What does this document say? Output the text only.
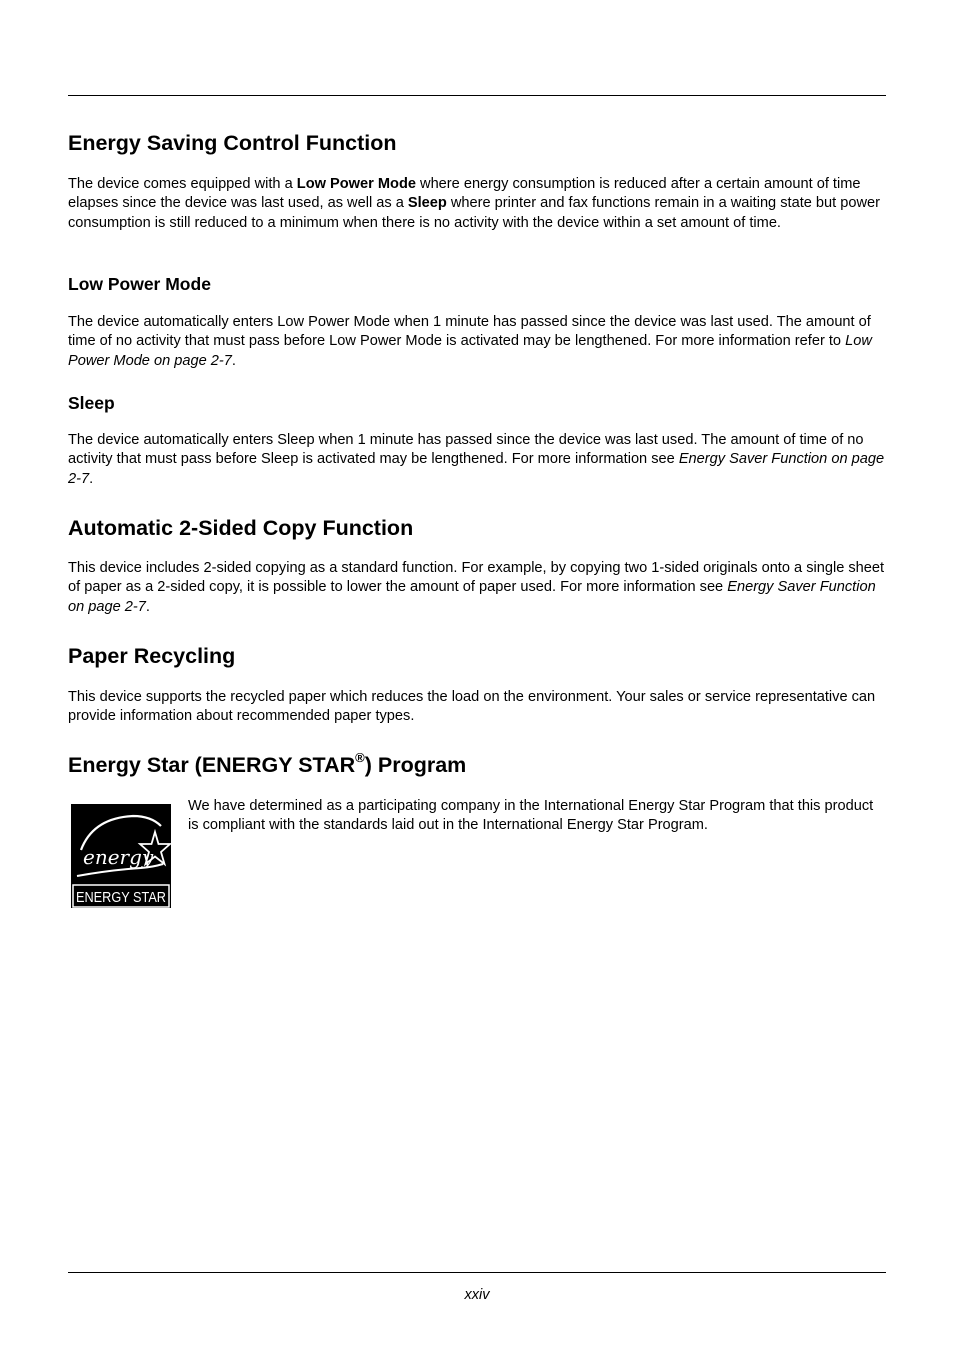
Energy Saving Control Function

The device comes equipped with a Low Power Mode where energy consumption is reduced after a certain amount of time elapses since the device was last used, as well as a Sleep where printer and fax functions remain in a waiting state but power consumption is still reduced to a minimum when there is no activity with the device within a set amount of time.

Low Power Mode

The device automatically enters Low Power Mode when 1 minute has passed since the device was last used. The amount of time of no activity that must pass before Low Power Mode is activated may be lengthened. For more information refer to Low Power Mode on page 2-7.

Sleep

The device automatically enters Sleep when 1 minute has passed since the device was last used. The amount of time of no activity that must pass before Sleep is activated may be lengthened. For more information see Energy Saver Function on page 2-7.

Automatic 2-Sided Copy Function

This device includes 2-sided copying as a standard function. For example, by copying two 1-sided originals onto a single sheet of paper as a 2-sided copy, it is possible to lower the amount of paper used. For more information see Energy Saver Function on page 2-7.

Paper Recycling

This device supports the recycled paper which reduces the load on the environment. Your sales or service representative can provide information about recommended paper types.

Energy Star (ENERGY STAR®) Program
energy
ENERGY STAR

We have determined as a participating company in the International Energy Star Program that this product is compliant with the standards laid out in the International Energy Star Program.

xxiv
